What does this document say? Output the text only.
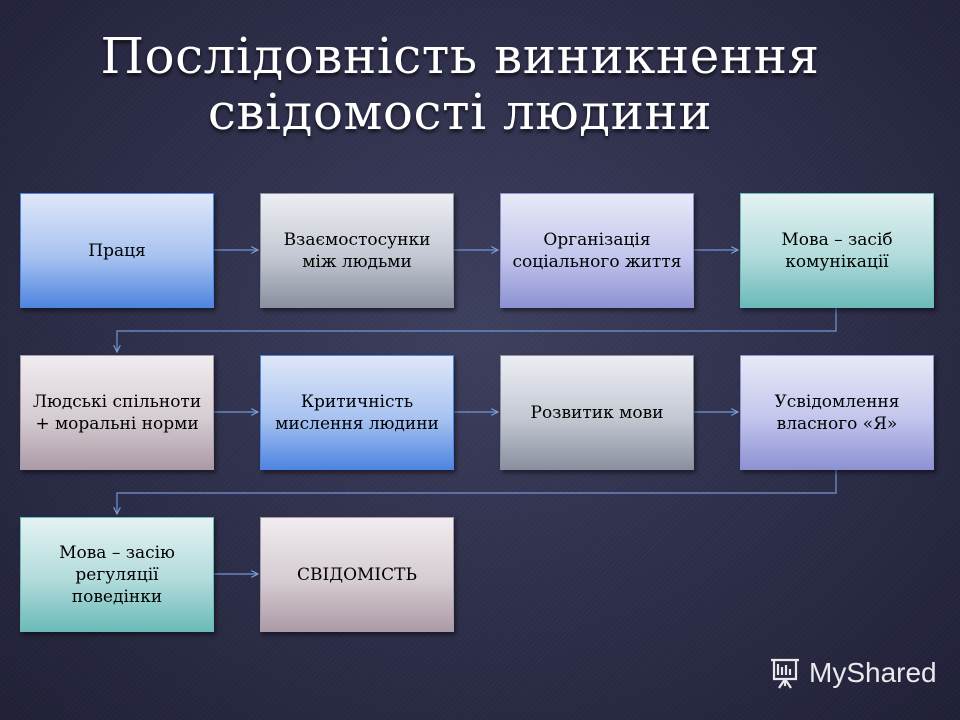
Послідовність виникнення
свідомості людини
Праця
Взаємостосунки між людьми
Організація соціального життя
Мова – засіб комунікації
Людські спільноти + моральні норми
Критичність мислення людини
Розвитик мови
Усвідомлення власного «Я»
Мова – засію регуляції поведінки
СВІДОМІСТЬ
MyShared
